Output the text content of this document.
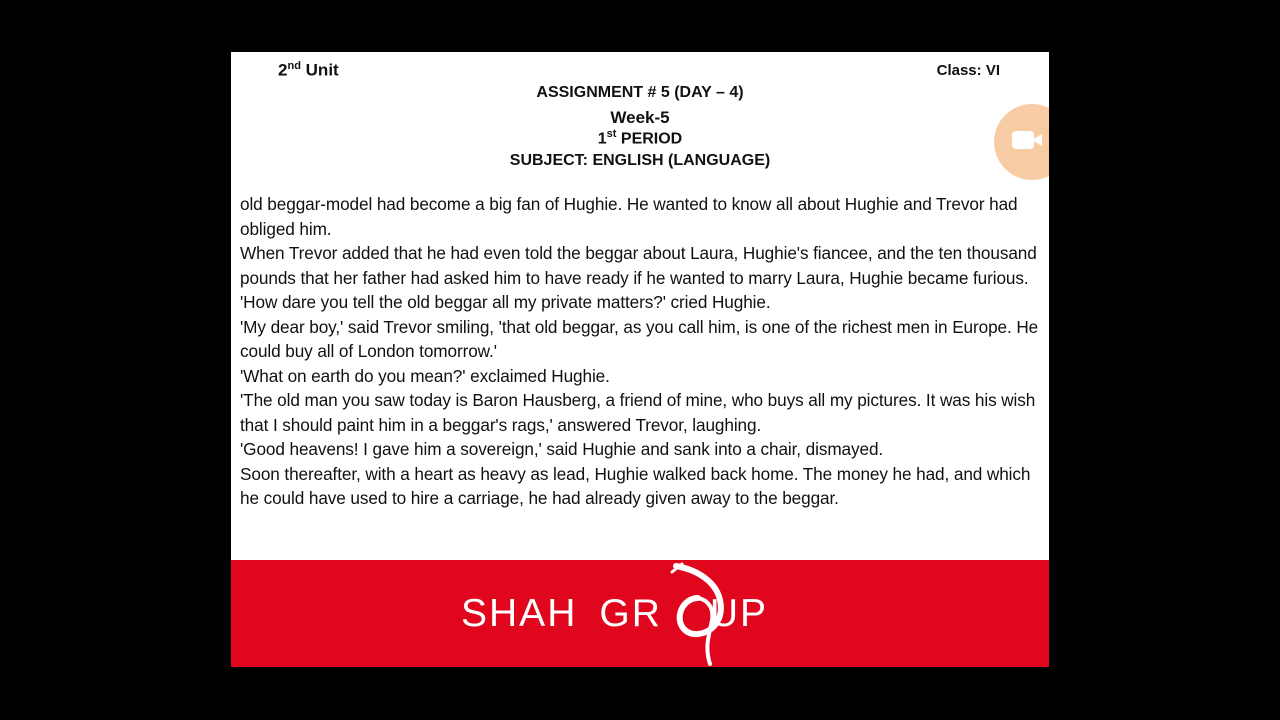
2nd Unit	Class: VI
ASSIGNMENT # 5 (DAY – 4)
Week-5
1st PERIOD
SUBJECT: ENGLISH (LANGUAGE)

old beggar-model had become a big fan of Hughie. He wanted to know all about Hughie and Trevor had obliged him.

When Trevor added that he had even told the beggar about Laura, Hughie's fiancee, and the ten thousand pounds that her father had asked him to have ready if he wanted to marry Laura, Hughie became furious.

'How dare you tell the old beggar all my private matters?' cried Hughie.

'My dear boy,' said Trevor smiling, 'that old beggar, as you call him, is one of the richest men in Europe. He could buy all of London tomorrow.'

'What on earth do you mean?' exclaimed Hughie.

'The old man you saw today is Baron Hausberg, a friend of mine, who buys all my pictures. It was his wish that I should paint him in a beggar's rags,' answered Trevor, laughing.

'Good heavens! I gave him a sovereign,' said Hughie and sank into a chair, dismayed.

Soon thereafter, with a heart as heavy as lead, Hughie walked back home. The money he had, and which he could have used to hire a carriage, he had already given away to the beggar.

SHAH GR UP
